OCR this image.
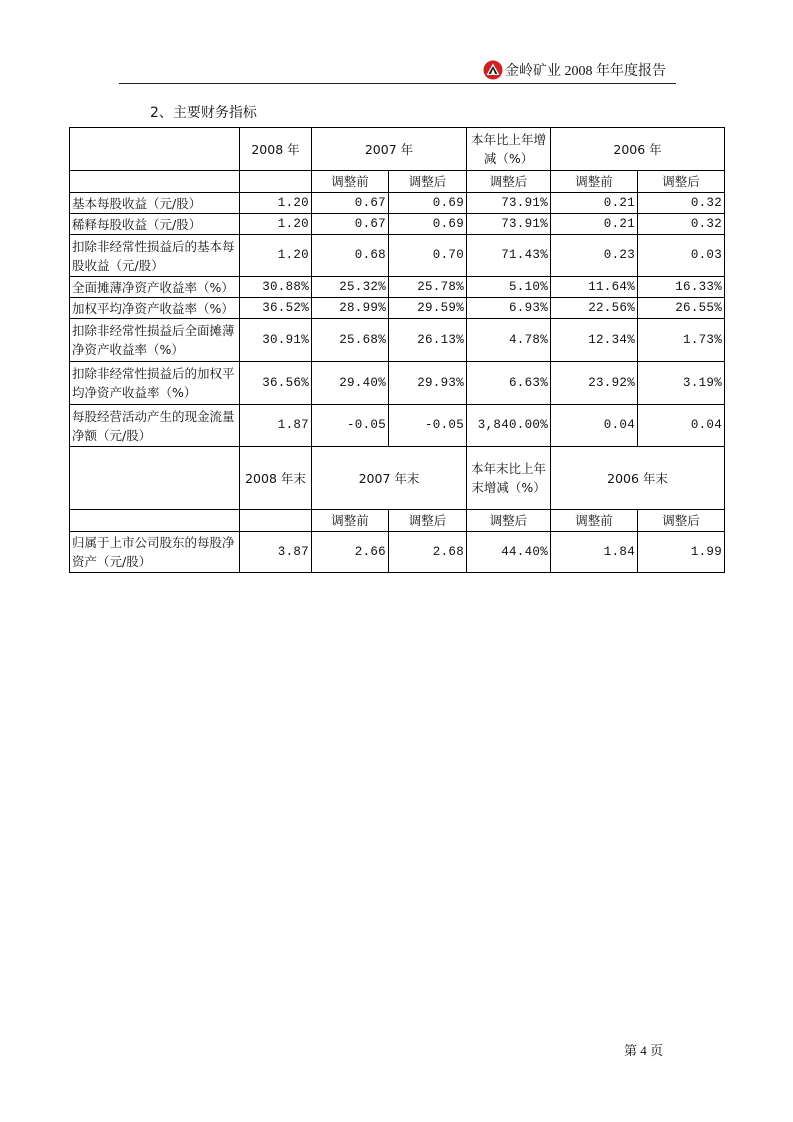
金岭矿业 2008 年年度报告
2、主要财务指标
	2008 年	2007 年		本年比上年增减（%）	2006 年	
		调整前	调整后	调整后	调整前	调整后
基本每股收益（元/股）	1.20	0.67	0.69	73.91%	0.21	0.32
稀释每股收益（元/股）	1.20	0.67	0.69	73.91%	0.21	0.32
扣除非经常性损益后的基本每股收益（元/股）	1.20	0.68	0.70	71.43%	0.23	0.03
全面摊薄净资产收益率（%）	30.88%	25.32%	25.78%	5.10%	11.64%	16.33%
加权平均净资产收益率（%）	36.52%	28.99%	29.59%	6.93%	22.56%	26.55%
扣除非经常性损益后全面摊薄净资产收益率（%）	30.91%	25.68%	26.13%	4.78%	12.34%	1.73%
扣除非经常性损益后的加权平均净资产收益率（%）	36.56%	29.40%	29.93%	6.63%	23.92%	3.19%
每股经营活动产生的现金流量净额（元/股）	1.87	-0.05	-0.05	3,840.00%	0.04	0.04
	2008 年末	2007 年末		本年末比上年末增减（%）	2006 年末	
		调整前	调整后	调整后	调整前	调整后
归属于上市公司股东的每股净资产（元/股）	3.87	2.66	2.68	44.40%	1.84	1.99
第 4 页
